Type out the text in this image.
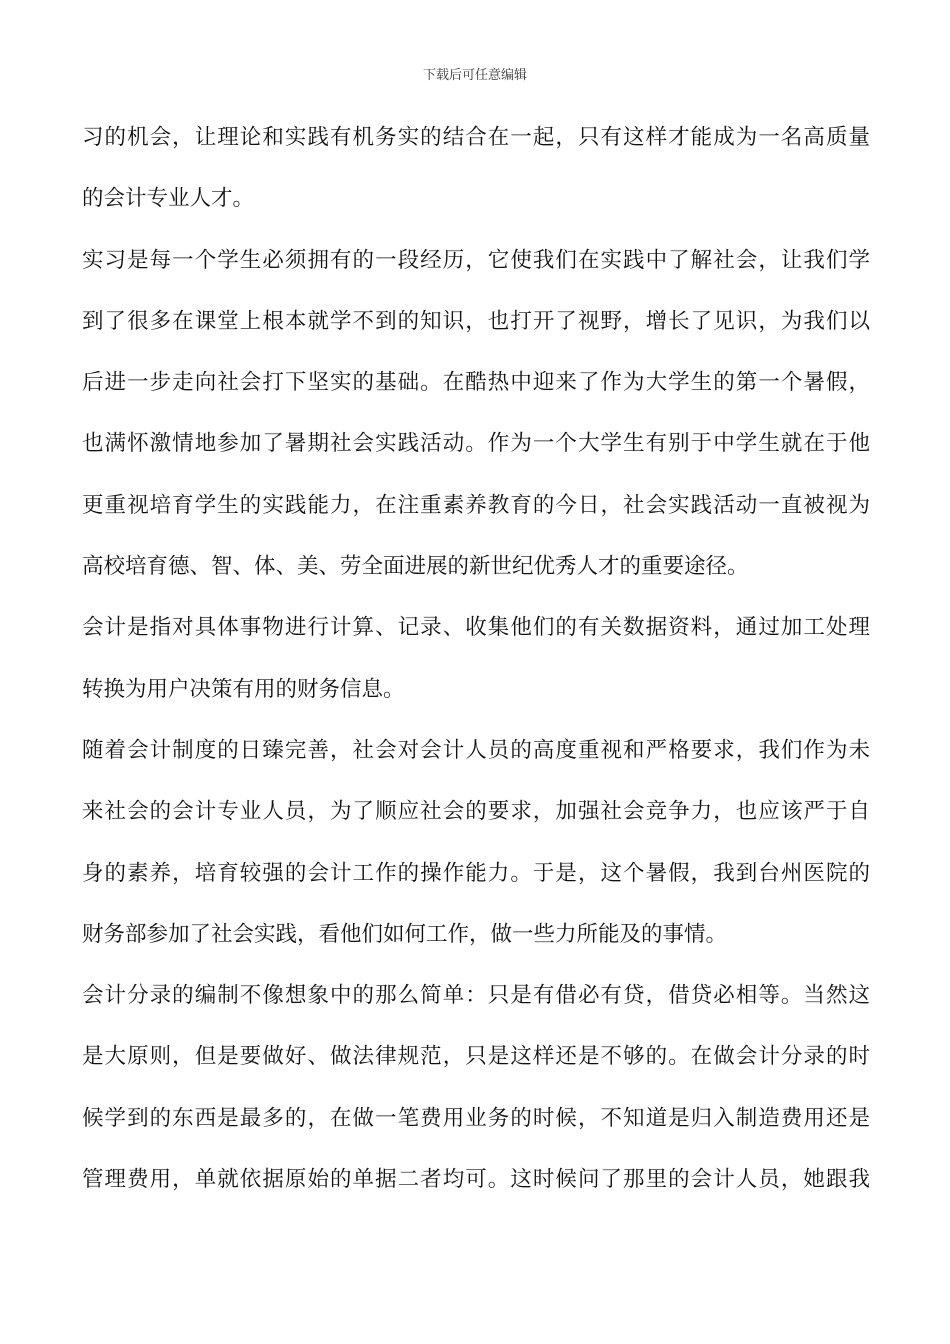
下载后可任意编辑
习的机会，让理论和实践有机务实的结合在一起，只有这样才能成为一名高质量
的会计专业人才。
实习是每一个学生必须拥有的一段经历，它使我们在实践中了解社会，让我们学
到了很多在课堂上根本就学不到的知识，也打开了视野，增长了见识，为我们以
后进一步走向社会打下坚实的基础。在酷热中迎来了作为大学生的第一个暑假，
也满怀激情地参加了暑期社会实践活动。作为一个大学生有别于中学生就在于他
更重视培育学生的实践能力，在注重素养教育的今日，社会实践活动一直被视为
高校培育德、智、体、美、劳全面进展的新世纪优秀人才的重要途径。
会计是指对具体事物进行计算、记录、收集他们的有关数据资料，通过加工处理
转换为用户决策有用的财务信息。
随着会计制度的日臻完善，社会对会计人员的高度重视和严格要求，我们作为未
来社会的会计专业人员，为了顺应社会的要求，加强社会竞争力，也应该严于自
身的素养，培育较强的会计工作的操作能力。于是，这个暑假，我到台州医院的
财务部参加了社会实践，看他们如何工作，做一些力所能及的事情。
会计分录的编制不像想象中的那么简单：只是有借必有贷，借贷必相等。当然这
是大原则，但是要做好、做法律规范，只是这样还是不够的。在做会计分录的时
候学到的东西是最多的，在做一笔费用业务的时候，不知道是归入制造费用还是
管理费用，单就依据原始的单据二者均可。这时候问了那里的会计人员，她跟我
